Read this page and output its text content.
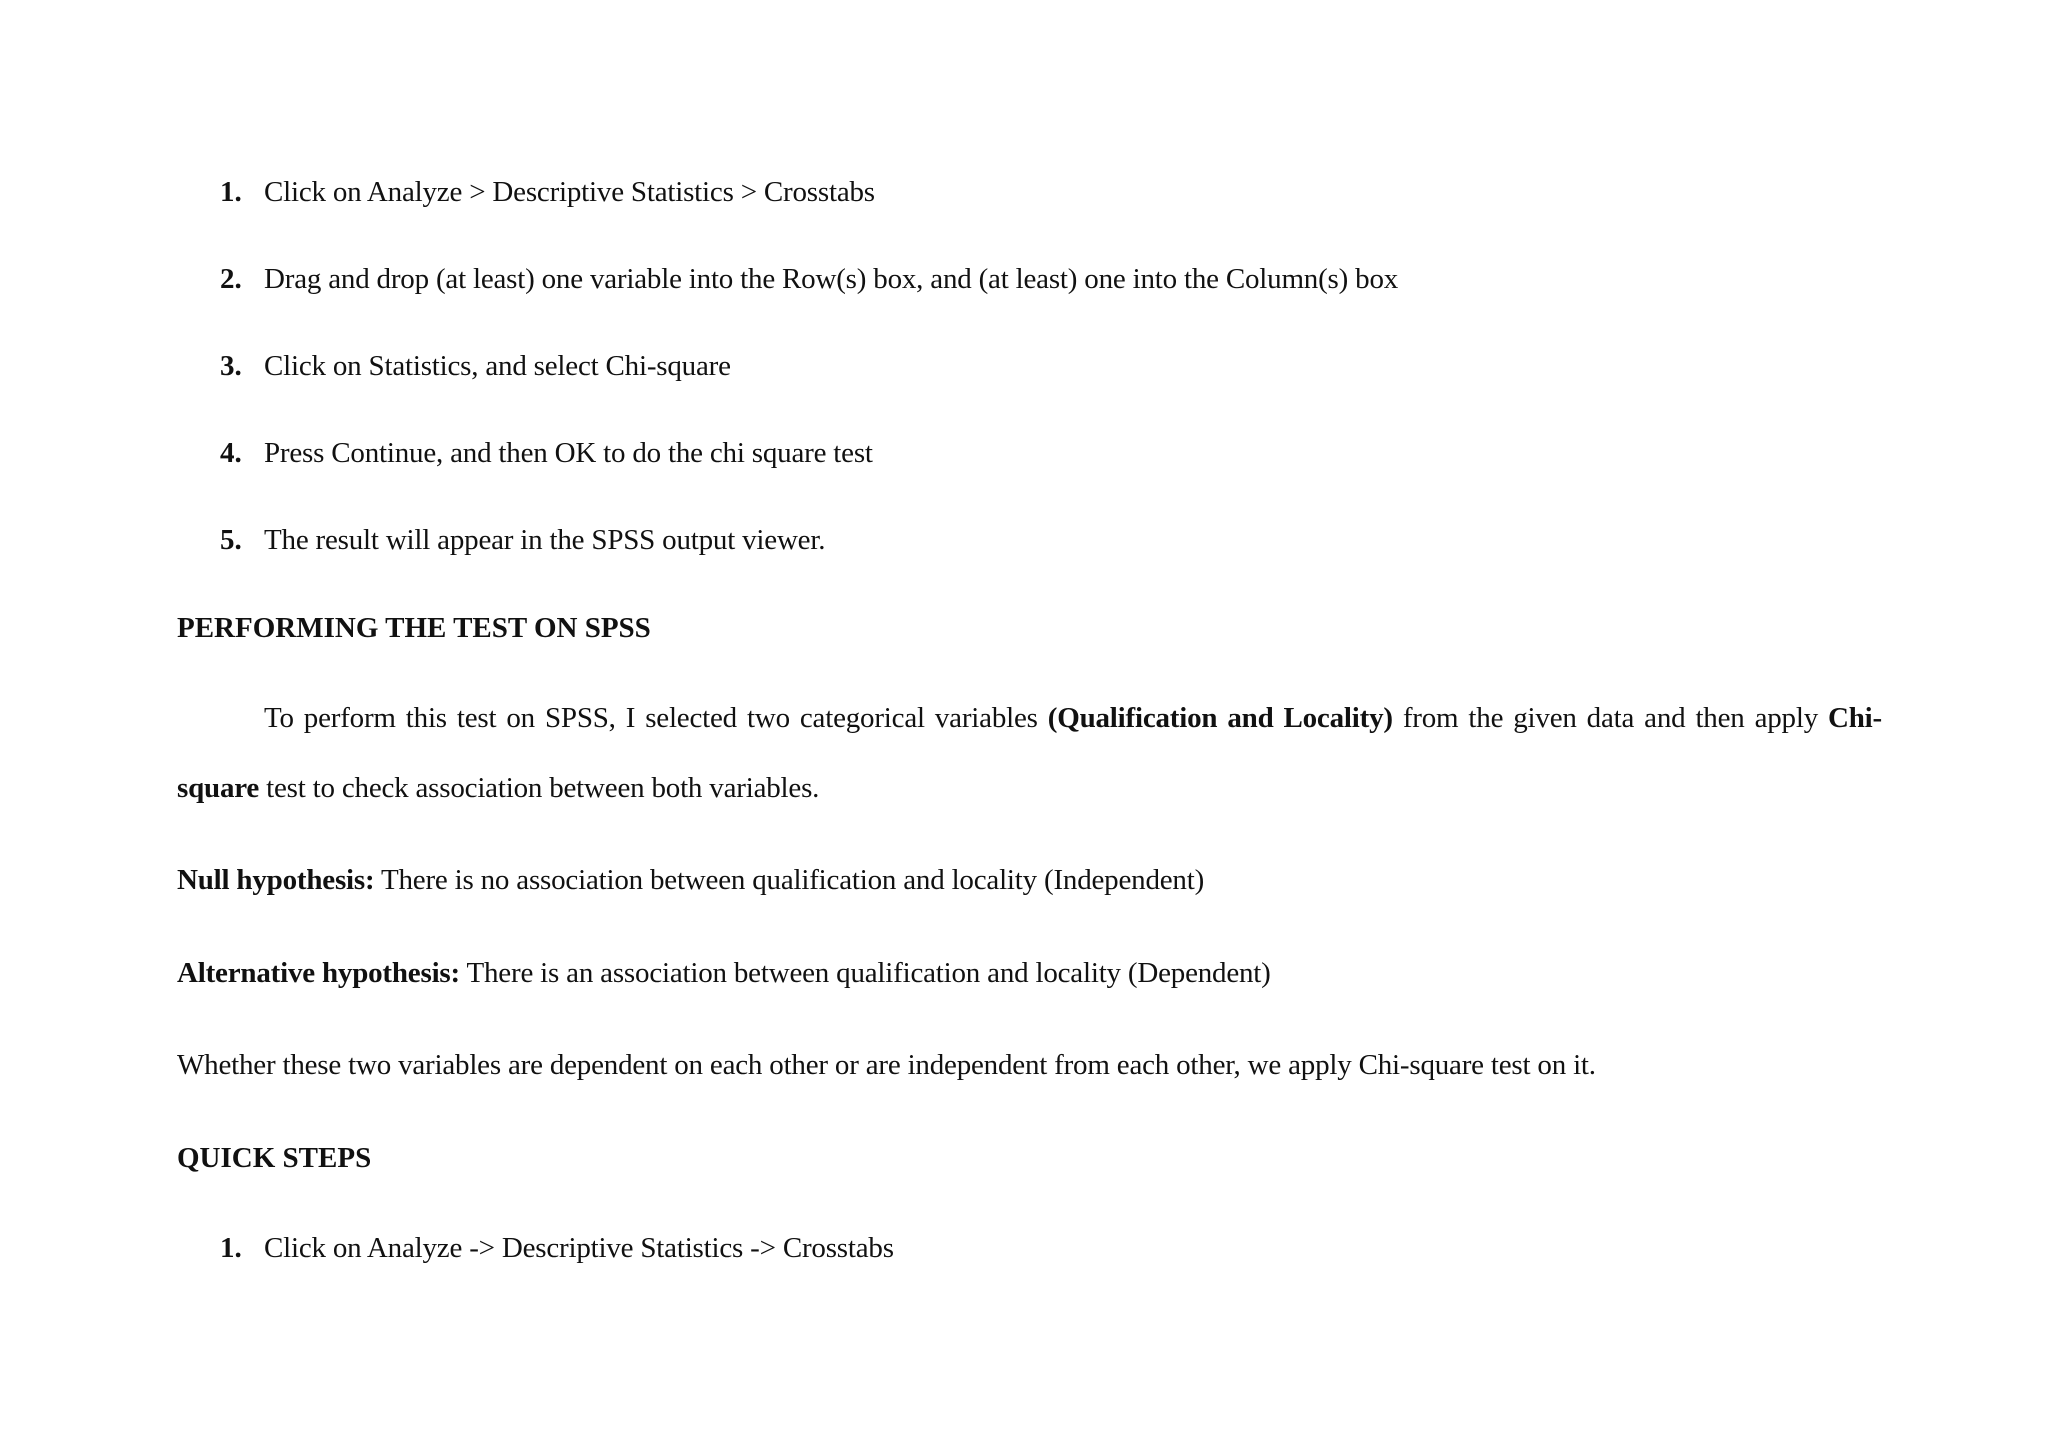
1. Click on Analyze > Descriptive Statistics > Crosstabs
2. Drag and drop (at least) one variable into the Row(s) box, and (at least) one into the Column(s) box
3. Click on Statistics, and select Chi-square
4. Press Continue, and then OK to do the chi square test
5. The result will appear in the SPSS output viewer.
PERFORMING THE TEST ON SPSS
To perform this test on SPSS, I selected two categorical variables (Qualification and Locality) from the given data and then apply Chi-
square test to check association between both variables.
Null hypothesis: There is no association between qualification and locality (Independent)
Alternative hypothesis: There is an association between qualification and locality (Dependent)
Whether these two variables are dependent on each other or are independent from each other, we apply Chi-square test on it.
QUICK STEPS
1. Click on Analyze -> Descriptive Statistics -> Crosstabs
